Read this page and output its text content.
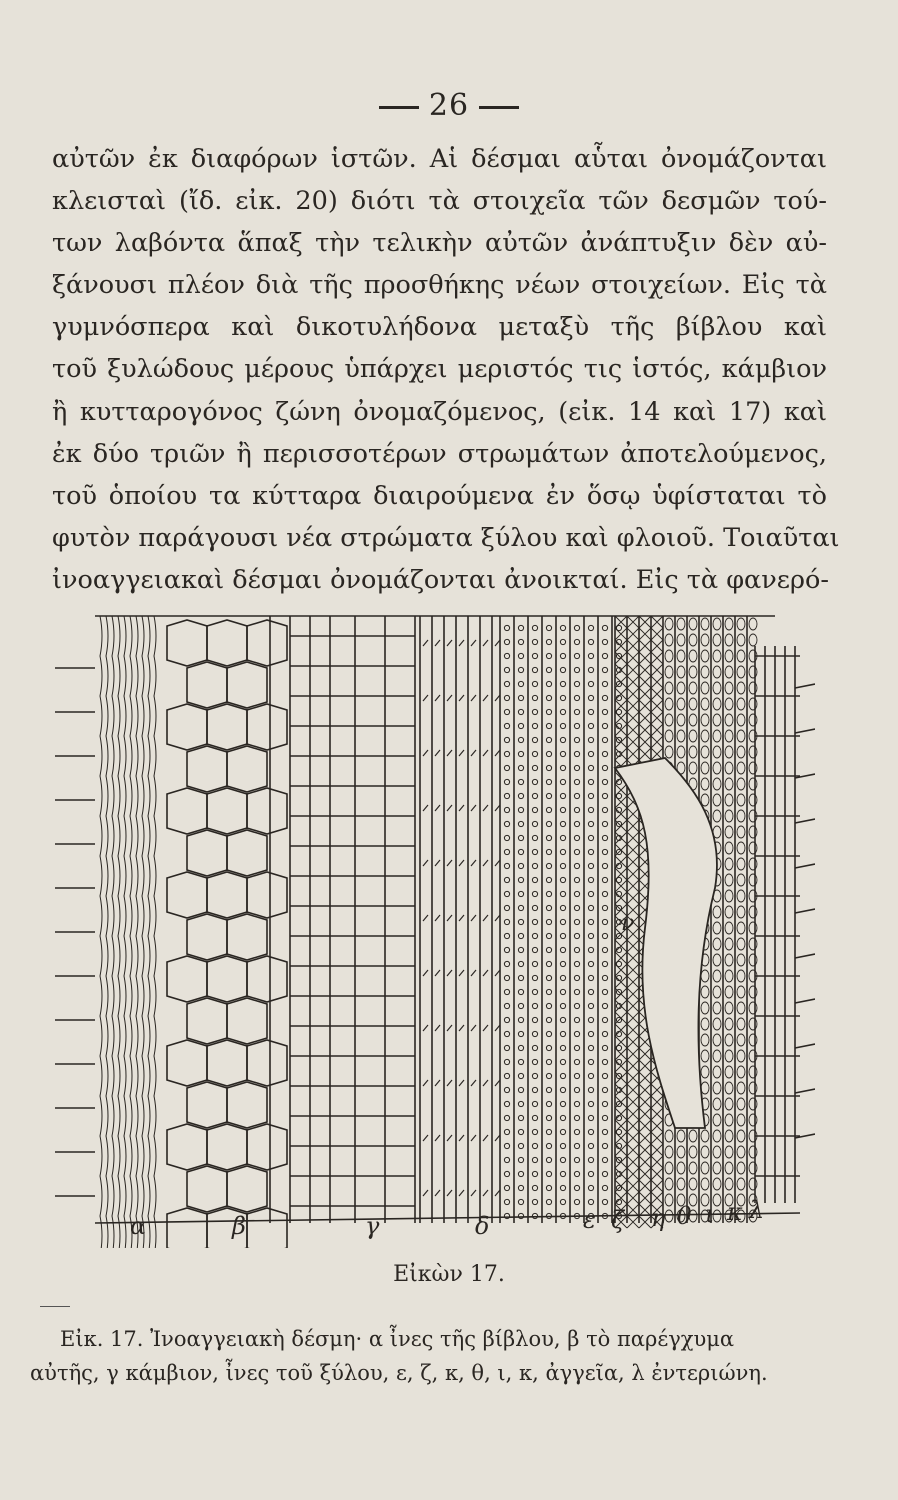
26
αὐτῶν ἐκ διαφόρων ἱστῶν. Αἱ δέσμαι αὗται ὀνομάζονται
κλεισταὶ (ἴδ. εἰκ. 20) διότι τὰ στοιχεῖα τῶν δεσμῶν τού-
των λαβόντα ἅπαξ τὴν τελικὴν αὐτῶν ἀνάπτυξιν δὲν αὐ-
ξάνουσι πλέον διὰ τῆς προσθήκης νέων στοιχείων. Εἰς τὰ
γυμνόσπερα καὶ δικοτυλήδονα μεταξὺ τῆς βίβλου καὶ
τοῦ ξυλώδους μέρους ὑπάρχει μεριστός τις ἱστός, κάμβιον
ἢ κυτταρογόνος ζώνη ὀνομαζόμενος, (εἰκ. 14 καὶ 17) καὶ
ἐκ δύο τριῶν ἢ περισσοτέρων στρωμάτων ἀποτελούμενος,
τοῦ ὁποίου τα κύτταρα διαιρούμενα ἐν ὅσῳ ὑφίσταται τὸ
φυτὸν παράγουσι νέα στρώματα ξύλου καὶ φλοιοῦ. Τοιαῦται
ἰνοαγγειακαὶ δέσμαι ὀνομάζονται ἀνοικταί. Εἰς τὰ φανερό-
ν
α	β	γ	δ	ε ζ η θ ι κ λ
Εἰκὼν 17.
Εἰκ. 17. Ἰνοαγγειακὴ δέσμη· α ἶνες τῆς βίβλου, β τὸ παρέγχυμα
αὐτῆς, γ κάμβιον, ἶνες τοῦ ξύλου, ε, ζ, κ, θ, ι, κ, ἀγγεῖα, λ ἐντεριώνη.
